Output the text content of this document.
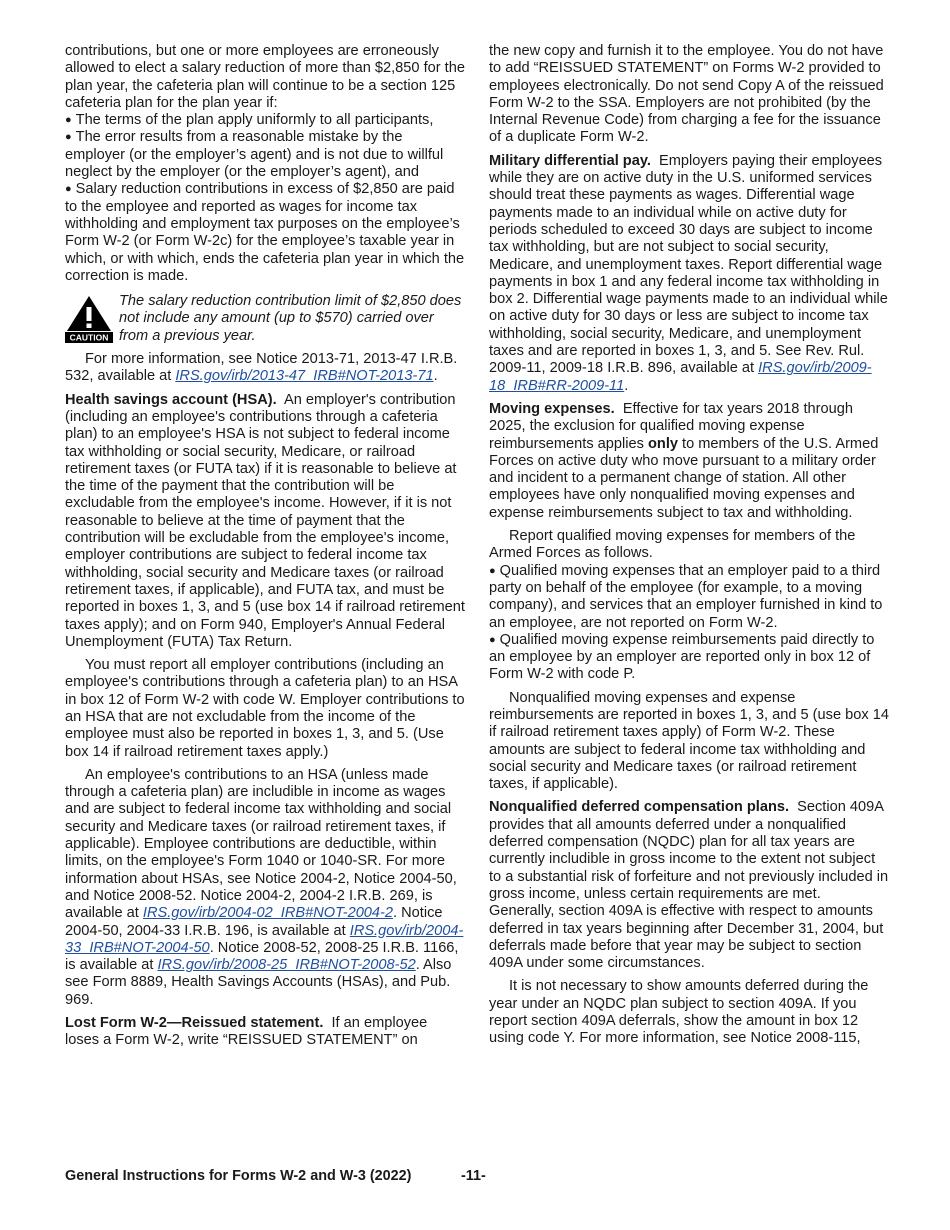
contributions, but one or more employees are erroneously allowed to elect a salary reduction of more than $2,850 for the plan year, the cafeteria plan will continue to be a section 125 cafeteria plan for the plan year if:

● The terms of the plan apply uniformly to all participants,

● The error results from a reasonable mistake by the employer (or the employer’s agent) and is not due to willful neglect by the employer (or the employer’s agent), and

● Salary reduction contributions in excess of $2,850 are paid to the employee and reported as wages for income tax withholding and employment tax purposes on the employee’s Form W-2 (or Form W-2c) for the employee’s taxable year in which, or with which, ends the cafeteria plan year in which the correction is made.

CAUTION
The salary reduction contribution limit of $2,850 does not include any amount (up to $570) carried over from a previous year.

For more information, see Notice 2013-71, 2013-47 I.R.B. 532, available at IRS.gov/irb/2013-47_IRB#NOT-2013-71.

Health savings account (HSA). An employer's contribution (including an employee's contributions through a cafeteria plan) to an employee's HSA is not subject to federal income tax withholding or social security, Medicare, or railroad retirement taxes (or FUTA tax) if it is reasonable to believe at the time of the payment that the contribution will be excludable from the employee's income. However, if it is not reasonable to believe at the time of payment that the contribution will be excludable from the employee's income, employer contributions are subject to federal income tax withholding, social security and Medicare taxes (or railroad retirement taxes, if applicable), and FUTA tax, and must be reported in boxes 1, 3, and 5 (use box 14 if railroad retirement taxes apply); and on Form 940, Employer's Annual Federal Unemployment (FUTA) Tax Return.

You must report all employer contributions (including an employee's contributions through a cafeteria plan) to an HSA in box 12 of Form W-2 with code W. Employer contributions to an HSA that are not excludable from the income of the employee must also be reported in boxes 1, 3, and 5. (Use box 14 if railroad retirement taxes apply.)

An employee's contributions to an HSA (unless made through a cafeteria plan) are includible in income as wages and are subject to federal income tax withholding and social security and Medicare taxes (or railroad retirement taxes, if applicable). Employee contributions are deductible, within limits, on the employee's Form 1040 or 1040-SR. For more information about HSAs, see Notice 2004-2, Notice 2004-50, and Notice 2008-52. Notice 2004-2, 2004-2 I.R.B. 269, is available at IRS.gov/irb/2004-02_IRB#NOT-2004-2. Notice 2004-50, 2004-33 I.R.B. 196, is available at IRS.gov/irb/2004-33_IRB#NOT-2004-50. Notice 2008-52, 2008-25 I.R.B. 1166, is available at IRS.gov/irb/2008-25_IRB#NOT-2008-52. Also see Form 8889, Health Savings Accounts (HSAs), and Pub. 969.

Lost Form W-2—Reissued statement. If an employee loses a Form W-2, write “REISSUED STATEMENT” on

the new copy and furnish it to the employee. You do not have to add “REISSUED STATEMENT” on Forms W-2 provided to employees electronically. Do not send Copy A of the reissued Form W-2 to the SSA. Employers are not prohibited (by the Internal Revenue Code) from charging a fee for the issuance of a duplicate Form W-2.

Military differential pay. Employers paying their employees while they are on active duty in the U.S. uniformed services should treat these payments as wages. Differential wage payments made to an individual while on active duty for periods scheduled to exceed 30 days are subject to income tax withholding, but are not subject to social security, Medicare, and unemployment taxes. Report differential wage payments in box 1 and any federal income tax withholding in box 2. Differential wage payments made to an individual while on active duty for 30 days or less are subject to income tax withholding, social security, Medicare, and unemployment taxes and are reported in boxes 1, 3, and 5. See Rev. Rul. 2009-11, 2009-18 I.R.B. 896, available at IRS.gov/irb/2009-18_IRB#RR-2009-11.

Moving expenses. Effective for tax years 2018 through 2025, the exclusion for qualified moving expense reimbursements applies only to members of the U.S. Armed Forces on active duty who move pursuant to a military order and incident to a permanent change of station. All other employees have only nonqualified moving expenses and expense reimbursements subject to tax and withholding.

Report qualified moving expenses for members of the Armed Forces as follows.

● Qualified moving expenses that an employer paid to a third party on behalf of the employee (for example, to a moving company), and services that an employer furnished in kind to an employee, are not reported on Form W-2.

● Qualified moving expense reimbursements paid directly to an employee by an employer are reported only in box 12 of Form W-2 with code P.

Nonqualified moving expenses and expense reimbursements are reported in boxes 1, 3, and 5 (use box 14 if railroad retirement taxes apply) of Form W-2. These amounts are subject to federal income tax withholding and social security and Medicare taxes (or railroad retirement taxes, if applicable).

Nonqualified deferred compensation plans. Section 409A provides that all amounts deferred under a nonqualified deferred compensation (NQDC) plan for all tax years are currently includible in gross income to the extent not subject to a substantial risk of forfeiture and not previously included in gross income, unless certain requirements are met. Generally, section 409A is effective with respect to amounts deferred in tax years beginning after December 31, 2004, but deferrals made before that year may be subject to section 409A under some circumstances.

It is not necessary to show amounts deferred during the year under an NQDC plan subject to section 409A. If you report section 409A deferrals, show the amount in box 12 using code Y. For more information, see Notice 2008-115,

General Instructions for Forms W-2 and W-3 (2022)	-11-
